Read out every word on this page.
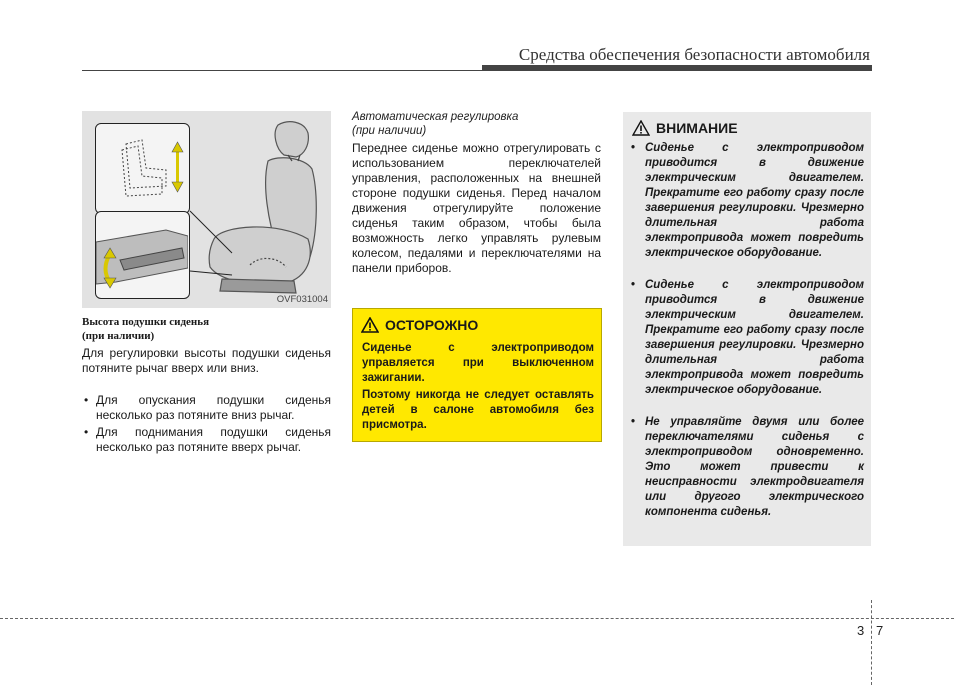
Средства обеспечения безопасности автомобиля
OVF031004
Высота подушки сиденья
(при наличии)
Для регулировки высоты подушки сиденья потяните рычаг вверх или вниз.
• Для опускания подушки сиденья несколько раз потяните вниз рычаг.
• Для поднимания подушки сиденья несколько раз потяните вверх рычаг.
Автоматическая регулировка
(при наличии)
Переднее сиденье можно отрегулировать с использованием переключателей управления, расположенных на внешней стороне подушки сиденья. Перед началом движения отрегулируйте положение сиденья таким образом, чтобы была возможность легко управлять рулевым колесом, педалями и переключателями на панели приборов.
ОСТОРОЖНО
Сиденье с электроприводом управляется при выключенном зажигании.
Поэтому никогда не следует оставлять детей в салоне автомобиля без присмотра.
ВНИМАНИЕ
• Сиденье с электроприводом приводится в движение электрическим двигателем. Прекратите его работу сразу после завершения регулировки. Чрезмерно длительная работа электропривода может повредить электрическое оборудование.
• Сиденье с электроприводом приводится в движение электрическим двигателем. Прекратите его работу сразу после завершения регулировки. Чрезмерно длительная работа электропривода может повредить электрическое оборудование.
• Не управляйте двумя или более переключателями сиденья с электроприводом одновременно. Это может привести к неисправности электродвигателя или другого электрического компонента сиденья.
3 7
